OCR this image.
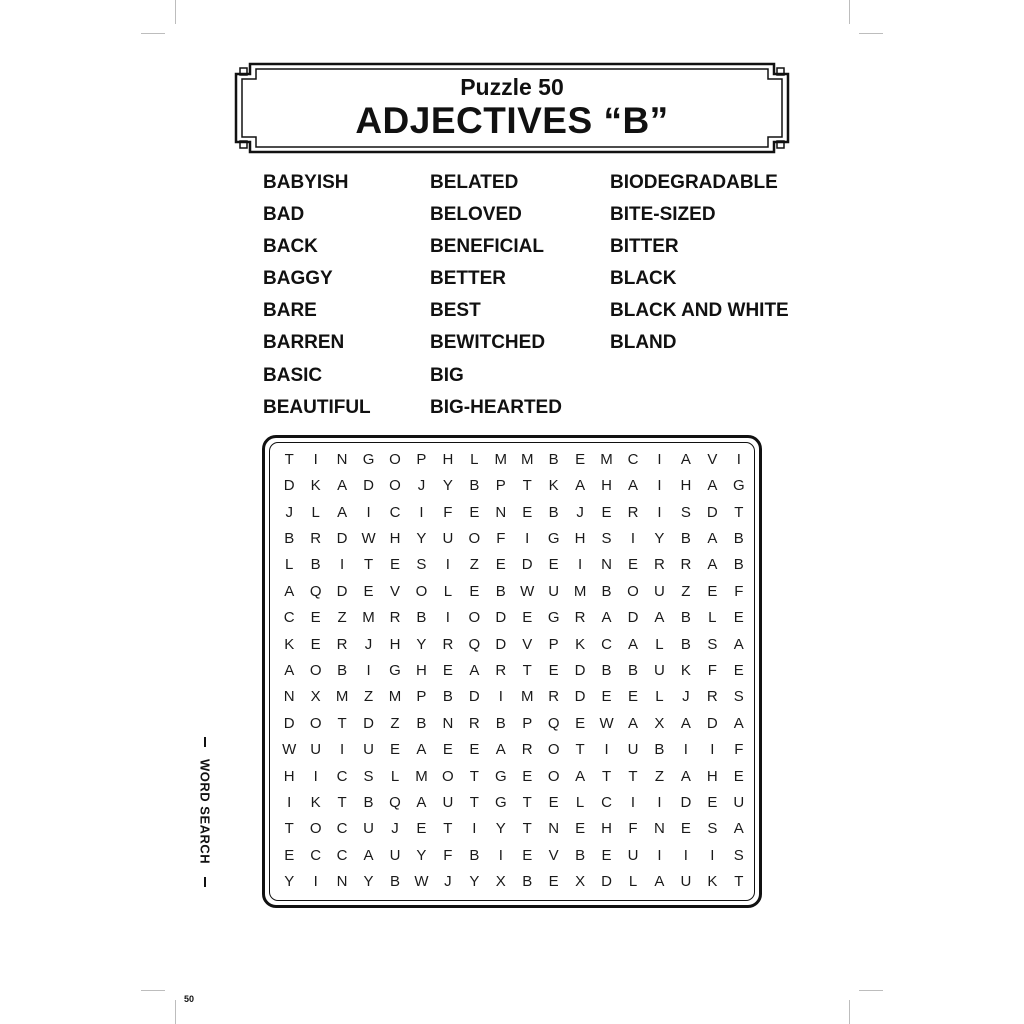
Puzzle 50
ADJECTIVES “B”
BABYISH
BAD
BACK
BAGGY
BARE
BARREN
BASIC
BEAUTIFUL
BELATED
BELOVED
BENEFICIAL
BETTER
BEST
BEWITCHED
BIG
BIG-HEARTED
BIODEGRADABLE
BITE-SIZED
BITTER
BLACK
BLACK AND WHITE
BLAND
T	I	N	G O	P	H	L	M M	B	E	M C	I	A	V	I
D	K	A	D	O	J	Y	B	P	T	K	A	H	A	I	H	A	G
J	L	A	I	C	I	F	E	N	E	B	J	E	R	I	S	D	T
B	R	D W H	Y	U	O	F	I	G	H	S	I	Y	B	A	B
L	B	I	T	E	S	I	Z	E	D	E	I	N	E	R	R	A	B
A	Q	D	E	V	O	L	E	B W U M	B	O	U	Z	E	F
C	E	Z	M R	B	I	O	D	E	G	R	A	D	A	B	L	E
K	E	R	J	H	Y	R	Q	D	V	P	K	C	A	L	B	S	A
A	O	B	I	G	H	E	A	R	T	E	D	B	B	U	K	F	E
N	X	M	Z	M	P	B	D	I	M R	D	E	E	L	J	R	S
D	O	T	D	Z	B	N	R	B	P	Q	E W A	X	A	D	A
W U	I	U	E	A	E	E	A	R	O	T	I	U	B	I	I	F
H	I	C	S	L	M O	T	G	E	O	A	T	T	Z	A	H	E
I	K	T	B	Q	A	U	T	G	T	E	L	C	I	I	D	E	U
T	O	C	U	J	E	T	I	Y	T	N	E	H	F	N	E	S	A
E	C	C	A	U	Y	F	B	I	E	V	B	E	U	I	I	I	S
Y	I	N	Y	B W	J	Y	X	B	E	X	D	L	A	U	K	T
WORD SEARCH
50
